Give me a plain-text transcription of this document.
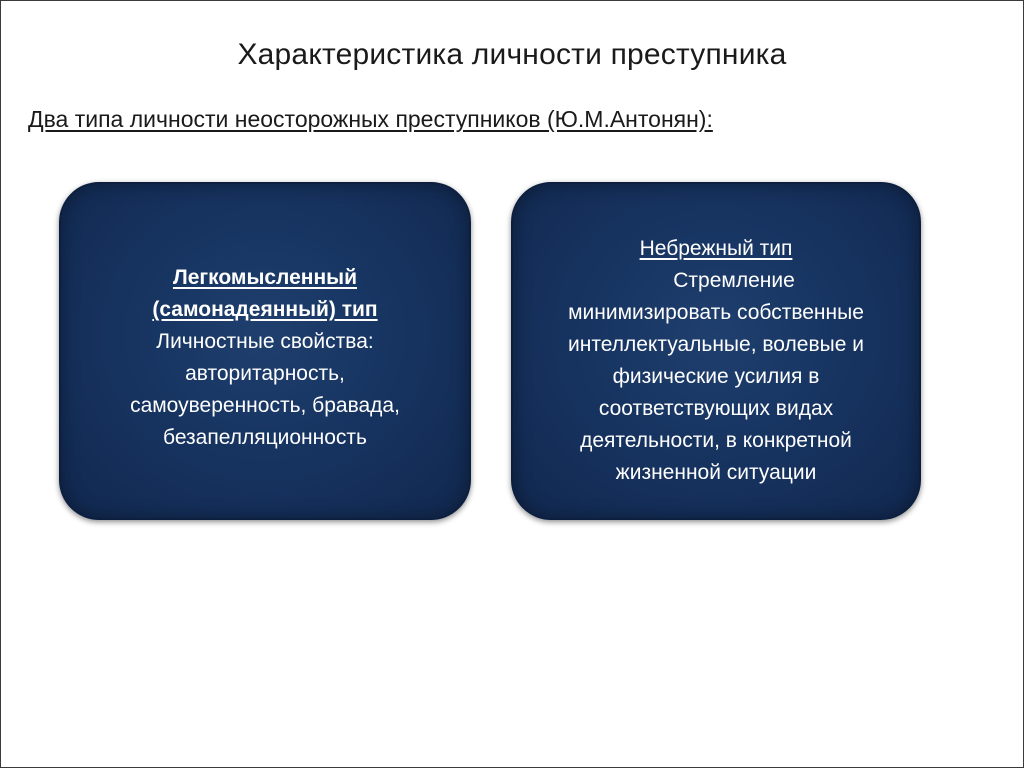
Характеристика личности преступника
Два типа личности неосторожных преступников (Ю.М.Антонян):
Легкомысленный
(самонадеянный) тип
Личностные свойства:
авторитарность,
самоуверенность, бравада,
безапелляционность
Небрежный тип
Стремление
минимизировать собственные
интеллектуальные, волевые и
физические усилия в
соответствующих видах
деятельности, в конкретной
жизненной ситуации
